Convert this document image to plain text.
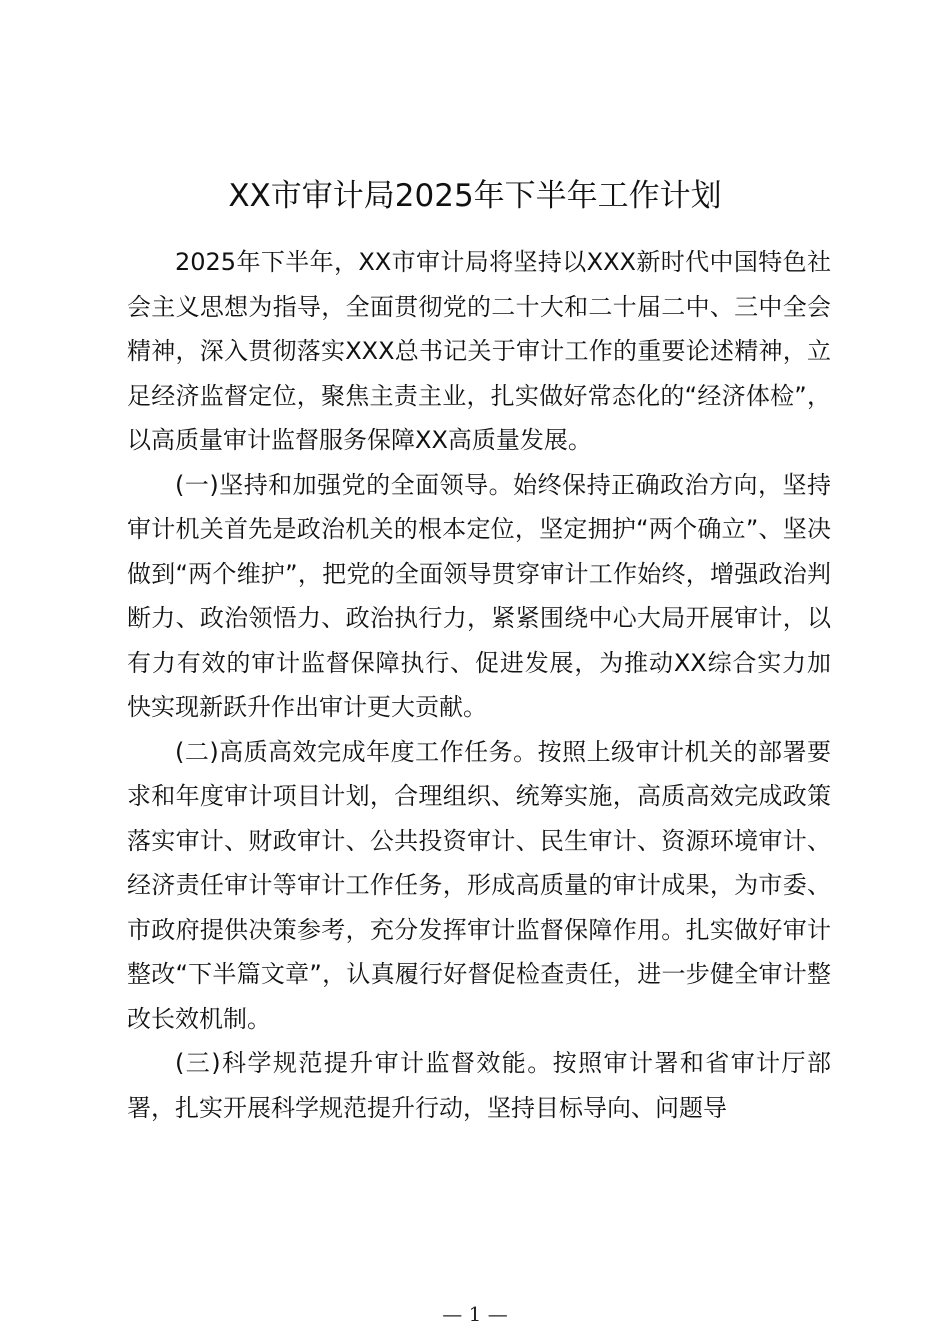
XX市审计局2025年下半年工作计划

2025年下半年，XX市审计局将坚持以XXX新时代中国特色社会主义思想为指导，全面贯彻党的二十大和二十届二中、三中全会精神，深入贯彻落实XXX总书记关于审计工作的重要论述精神，立足经济监督定位，聚焦主责主业，扎实做好常态化的“经济体检”，以高质量审计监督服务保障XX高质量发展。

(一)坚持和加强党的全面领导。始终保持正确政治方向，坚持审计机关首先是政治机关的根本定位，坚定拥护“两个确立”、坚决做到“两个维护”，把党的全面领导贯穿审计工作始终，增强政治判断力、政治领悟力、政治执行力，紧紧围绕中心大局开展审计，以有力有效的审计监督保障执行、促进发展，为推动XX综合实力加快实现新跃升作出审计更大贡献。

(二)高质高效完成年度工作任务。按照上级审计机关的部署要求和年度审计项目计划，合理组织、统筹实施，高质高效完成政策落实审计、财政审计、公共投资审计、民生审计、资源环境审计、经济责任审计等审计工作任务，形成高质量的审计成果，为市委、市政府提供决策参考，充分发挥审计监督保障作用。扎实做好审计整改“下半篇文章”，认真履行好督促检查责任，进一步健全审计整改长效机制。

(三)科学规范提升审计监督效能。按照审计署和省审计厅部署，扎实开展科学规范提升行动，坚持目标导向、问题导

— 1 —
